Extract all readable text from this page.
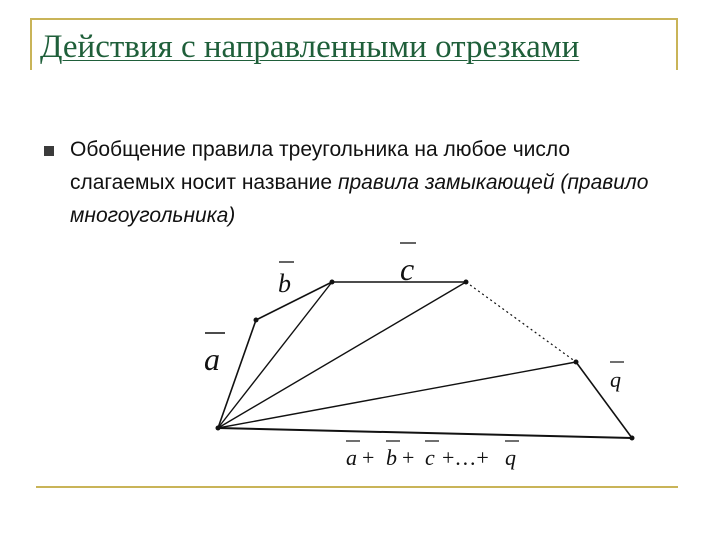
Действия с направленными отрезками
Обобщение правила треугольника на любое число слагаемых носит название правила замыкающей (правило многоугольника)
a
b	c
q
a + b + c +…+ q
